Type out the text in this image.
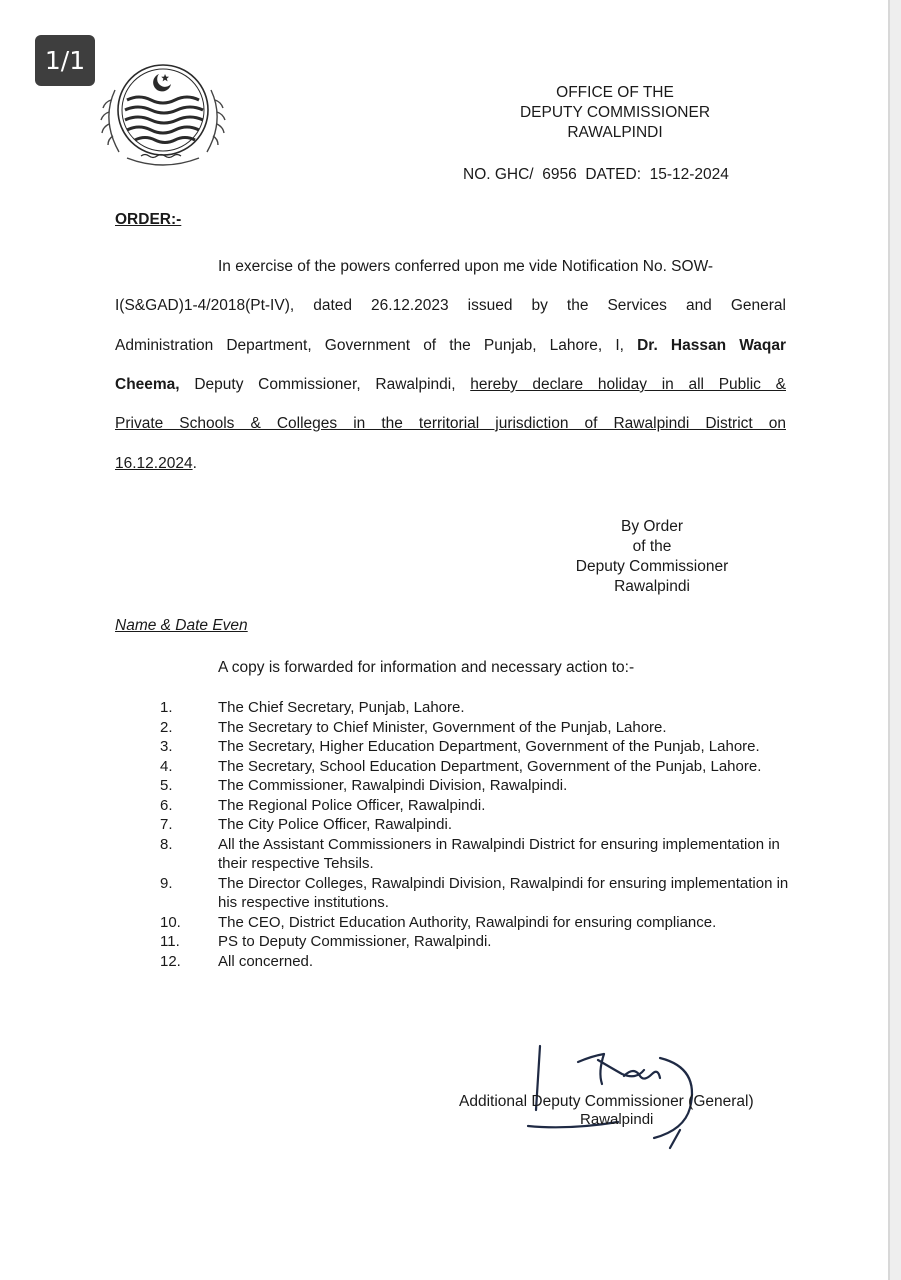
1/1
OFFICE OF THE
DEPUTY COMMISSIONER
RAWALPINDI
NO. GHC/  6956  DATED:  15-12-2024
ORDER:-
In exercise of the powers conferred upon me vide Notification No. SOW-
I(S&GAD)1-4/2018(Pt-IV), dated 26.12.2023 issued by the Services and General
Administration Department, Government of the Punjab, Lahore, I, Dr. Hassan Waqar
Cheema, Deputy Commissioner, Rawalpindi, hereby declare holiday in all Public &
Private Schools & Colleges in the territorial jurisdiction of Rawalpindi District on
16.12.2024.
By Order
of the
Deputy Commissioner
Rawalpindi
Name & Date Even
A copy is forwarded for information and necessary action to:-
1.	The Chief Secretary, Punjab, Lahore.
2.	The Secretary to Chief Minister, Government of the Punjab, Lahore.
3.	The Secretary, Higher Education Department, Government of the Punjab, Lahore.
4.	The Secretary, School Education Department, Government of the Punjab, Lahore.
5.	The Commissioner, Rawalpindi Division, Rawalpindi.
6.	The Regional Police Officer, Rawalpindi.
7.	The City Police Officer, Rawalpindi.
8.	All the Assistant Commissioners in Rawalpindi District for ensuring implementation in their respective Tehsils.
9.	The Director Colleges, Rawalpindi Division, Rawalpindi for ensuring implementation in his respective institutions.
10.	The CEO, District Education Authority, Rawalpindi for ensuring compliance.
11.	PS to Deputy Commissioner, Rawalpindi.
12.	All concerned.
Additional Deputy Commissioner (General)
Rawalpindi
